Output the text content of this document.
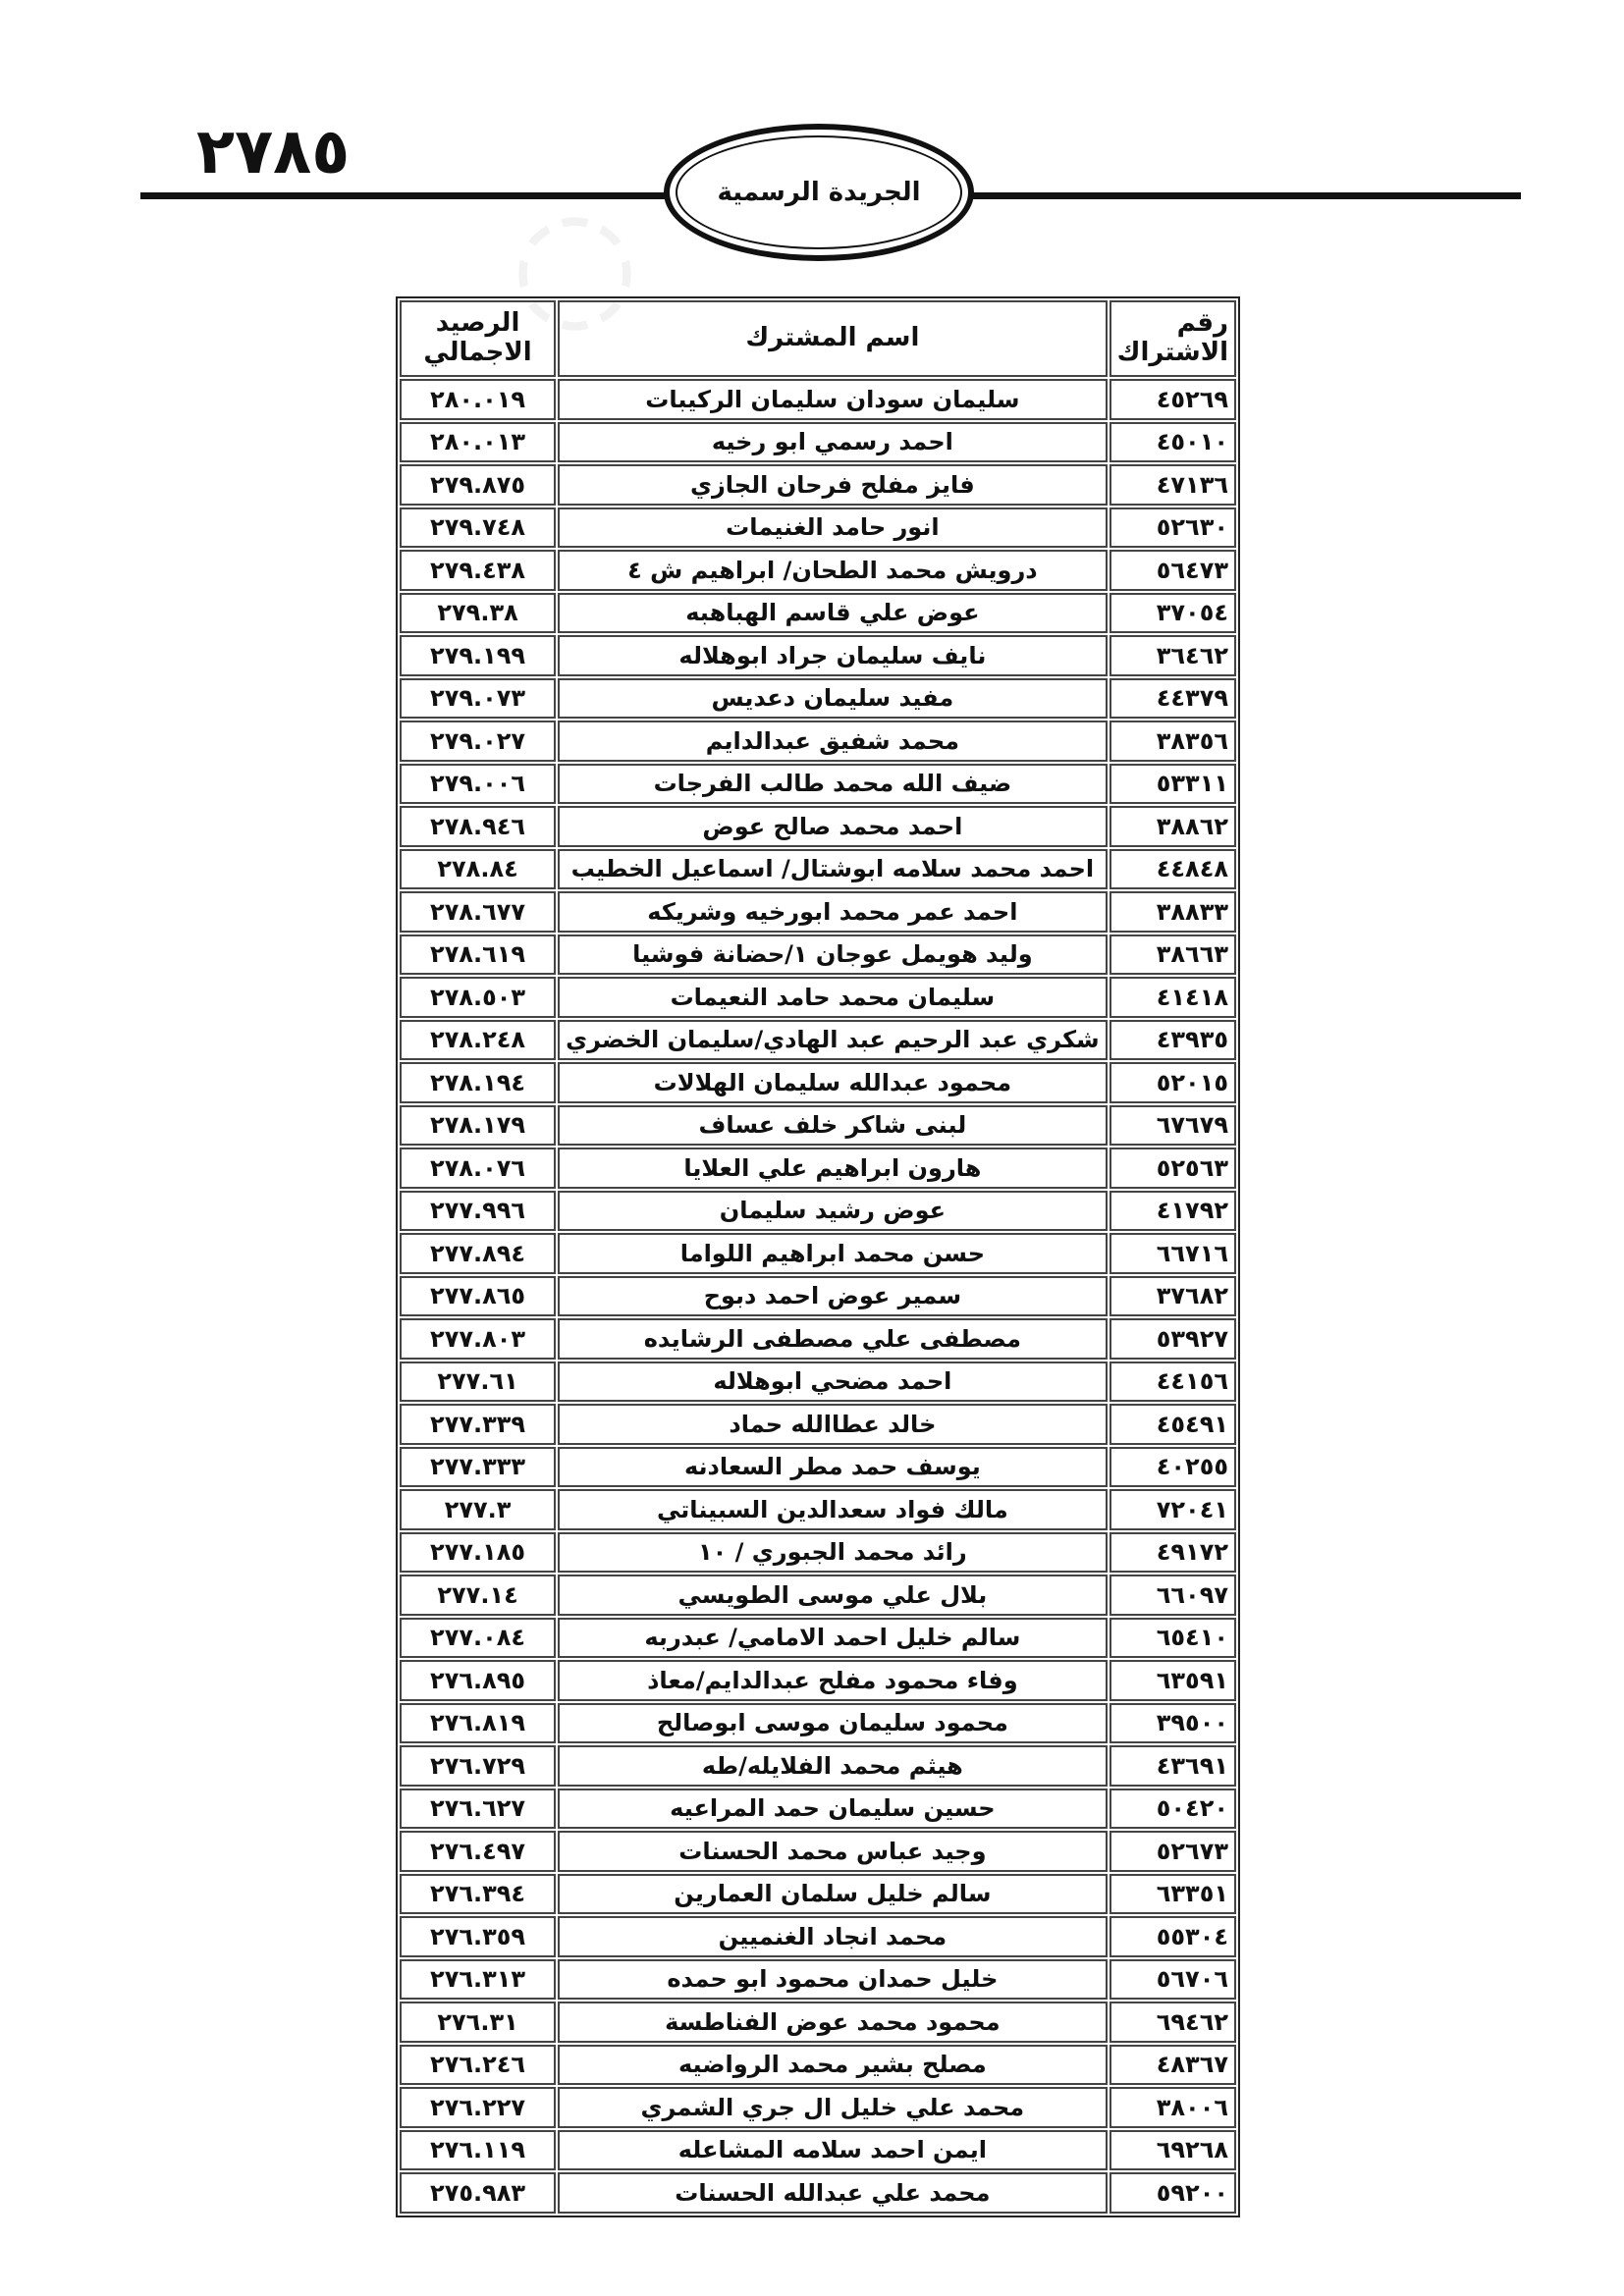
◌
٢٧٨٥
الجريدة الرسمية
رقم الاشتراك	اسم المشترك	الرصيد الاجمالي
٤٥٢٦٩	سليمان سودان سليمان الركيبات	٢٨٠.٠١٩
٤٥٠١٠	احمد رسمي ابو رخيه	٢٨٠.٠١٣
٤٧١٣٦	فايز مفلح فرحان الجازي	٢٧٩.٨٧٥
٥٢٦٣٠	انور حامد الغنيمات	٢٧٩.٧٤٨
٥٦٤٧٣	درويش محمد الطحان/ ابراهيم ش ٤	٢٧٩.٤٣٨
٣٧٠٥٤	عوض علي قاسم الهباهبه	٢٧٩.٣٨
٣٦٤٦٢	نايف سليمان جراد ابوهلاله	٢٧٩.١٩٩
٤٤٣٧٩	مفيد سليمان دعديس	٢٧٩.٠٧٣
٣٨٣٥٦	محمد شفيق عبدالدايم	٢٧٩.٠٢٧
٥٣٣١١	ضيف الله محمد طالب الفرجات	٢٧٩.٠٠٦
٣٨٨٦٢	احمد محمد صالح عوض	٢٧٨.٩٤٦
٤٤٨٤٨	احمد محمد سلامه ابوشتال/ اسماعيل الخطيب	٢٧٨.٨٤
٣٨٨٣٣	احمد عمر محمد ابورخيه وشريكه	٢٧٨.٦٧٧
٣٨٦٦٣	وليد هويمل عوجان ١/حضانة فوشيا	٢٧٨.٦١٩
٤١٤١٨	سليمان محمد حامد النعيمات	٢٧٨.٥٠٣
٤٣٩٣٥	شكري عبد الرحيم عبد الهادي/سليمان الخضري	٢٧٨.٢٤٨
٥٢٠١٥	محمود عبدالله سليمان الهلالات	٢٧٨.١٩٤
٦٧٦٧٩	لبنى شاكر خلف عساف	٢٧٨.١٧٩
٥٢٥٦٣	هارون ابراهيم علي العلايا	٢٧٨.٠٧٦
٤١٧٩٢	عوض رشيد سليمان	٢٧٧.٩٩٦
٦٦٧١٦	حسن محمد ابراهيم اللواما	٢٧٧.٨٩٤
٣٧٦٨٢	سمير عوض احمد دبوح	٢٧٧.٨٦٥
٥٣٩٢٧	مصطفى علي مصطفى الرشايده	٢٧٧.٨٠٣
٤٤١٥٦	احمد مضحي ابوهلاله	٢٧٧.٦١
٤٥٤٩١	خالد عطاالله حماد	٢٧٧.٣٣٩
٤٠٢٥٥	يوسف حمد مطر السعادنه	٢٧٧.٣٣٣
٧٢٠٤١	مالك فواد سعدالدين السبيناتي	٢٧٧.٣
٤٩١٧٢	رائد محمد الجبوري / ١٠	٢٧٧.١٨٥
٦٦٠٩٧	بلال علي موسى الطويسي	٢٧٧.١٤
٦٥٤١٠	سالم خليل احمد الامامي/ عبدربه	٢٧٧.٠٨٤
٦٣٥٩١	وفاء محمود مفلح عبدالدايم/معاذ	٢٧٦.٨٩٥
٣٩٥٠٠	محمود سليمان موسى ابوصالح	٢٧٦.٨١٩
٤٣٦٩١	هيثم محمد الفلايله/طه	٢٧٦.٧٢٩
٥٠٤٢٠	حسين سليمان حمد المراعيه	٢٧٦.٦٢٧
٥٢٦٧٣	وجيد عباس محمد الحسنات	٢٧٦.٤٩٧
٦٣٣٥١	سالم خليل سلمان العمارين	٢٧٦.٣٩٤
٥٥٣٠٤	محمد انجاد الغنميين	٢٧٦.٣٥٩
٥٦٧٠٦	خليل حمدان محمود ابو حمده	٢٧٦.٣١٣
٦٩٤٦٢	محمود محمد عوض الفناطسة	٢٧٦.٣١
٤٨٣٦٧	مصلح بشير محمد الرواضيه	٢٧٦.٢٤٦
٣٨٠٠٦	محمد علي خليل ال جري الشمري	٢٧٦.٢٢٧
٦٩٢٦٨	ايمن احمد سلامه المشاعله	٢٧٦.١١٩
٥٩٢٠٠	محمد علي عبدالله الحسنات	٢٧٥.٩٨٣
